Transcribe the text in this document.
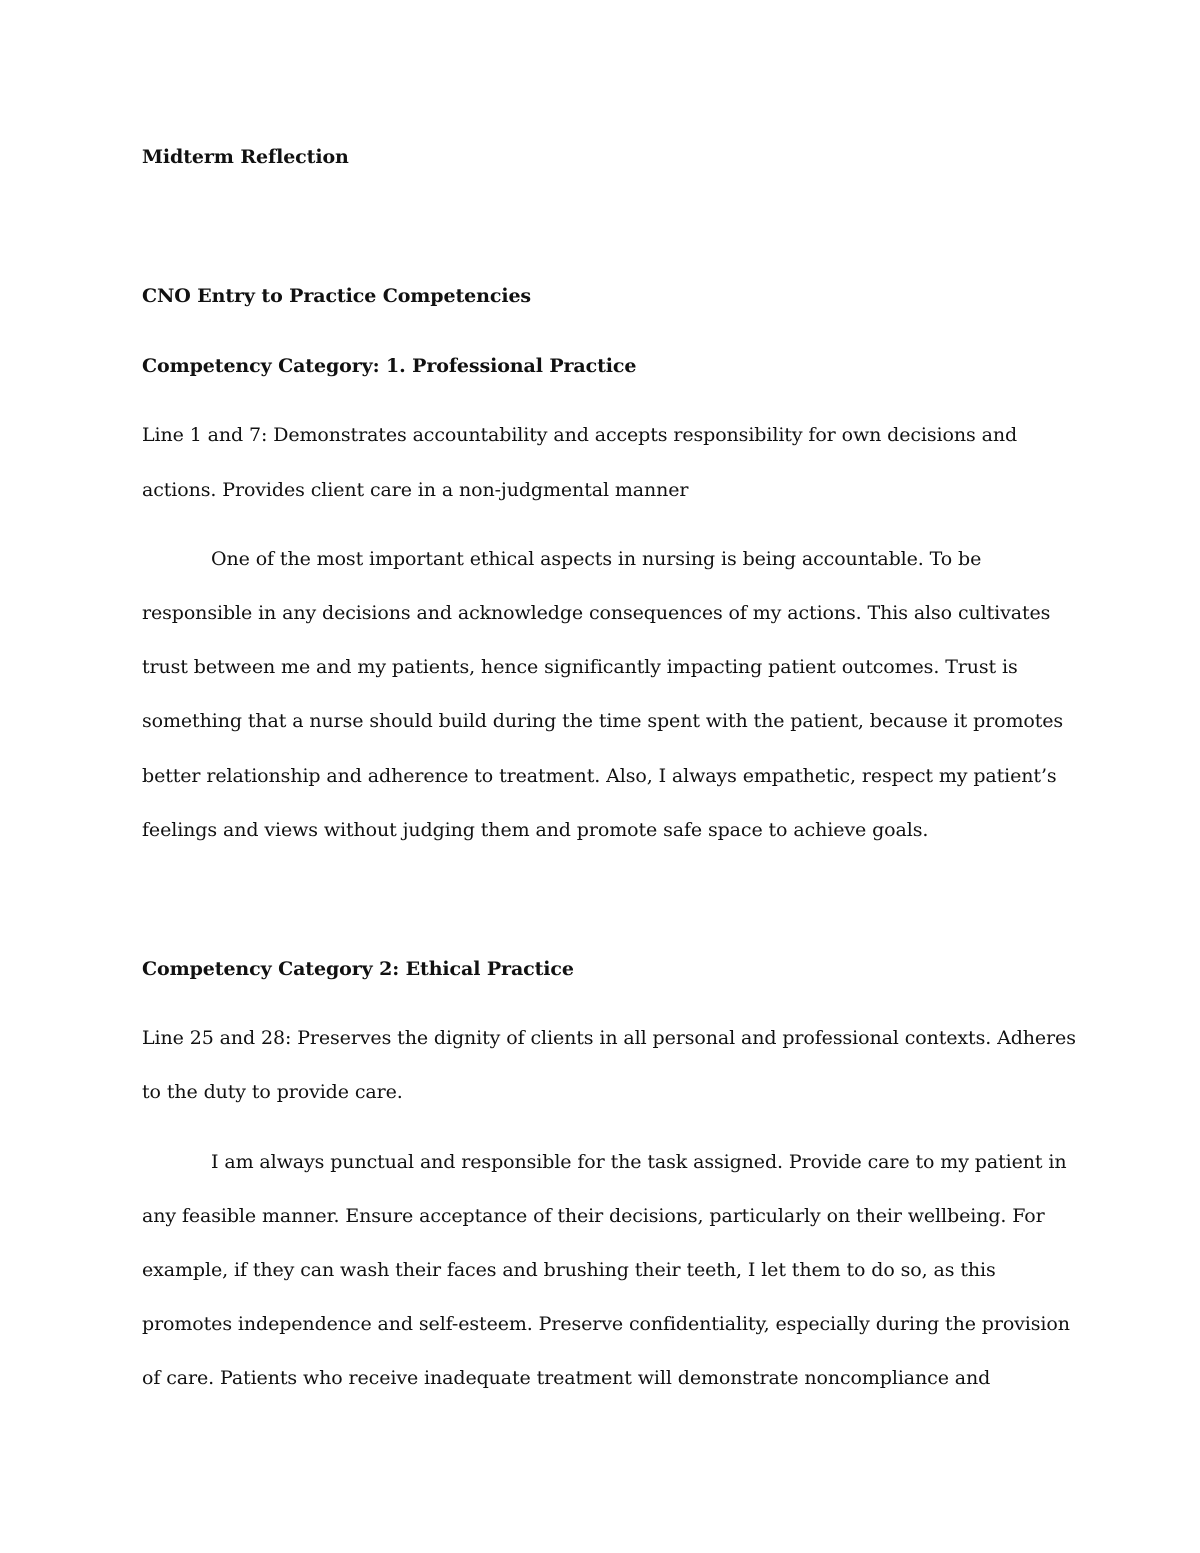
Midterm Reflection
CNO Entry to Practice Competencies
Competency Category: 1. Professional Practice
Line 1 and 7: Demonstrates accountability and accepts responsibility for own decisions and
actions. Provides client care in a non-judgmental manner
One of the most important ethical aspects in nursing is being accountable. To be
responsible in any decisions and acknowledge consequences of my actions. This also cultivates
trust between me and my patients, hence significantly impacting patient outcomes. Trust is
something that a nurse should build during the time spent with the patient, because it promotes
better relationship and adherence to treatment. Also, I always empathetic, respect my patient’s
feelings and views without judging them and promote safe space to achieve goals.
Competency Category 2: Ethical Practice
Line 25 and 28: Preserves the dignity of clients in all personal and professional contexts. Adheres
to the duty to provide care.
I am always punctual and responsible for the task assigned. Provide care to my patient in
any feasible manner. Ensure acceptance of their decisions, particularly on their wellbeing. For
example, if they can wash their faces and brushing their teeth, I let them to do so, as this
promotes independence and self-esteem. Preserve confidentiality, especially during the provision
of care. Patients who receive inadequate treatment will demonstrate noncompliance and
